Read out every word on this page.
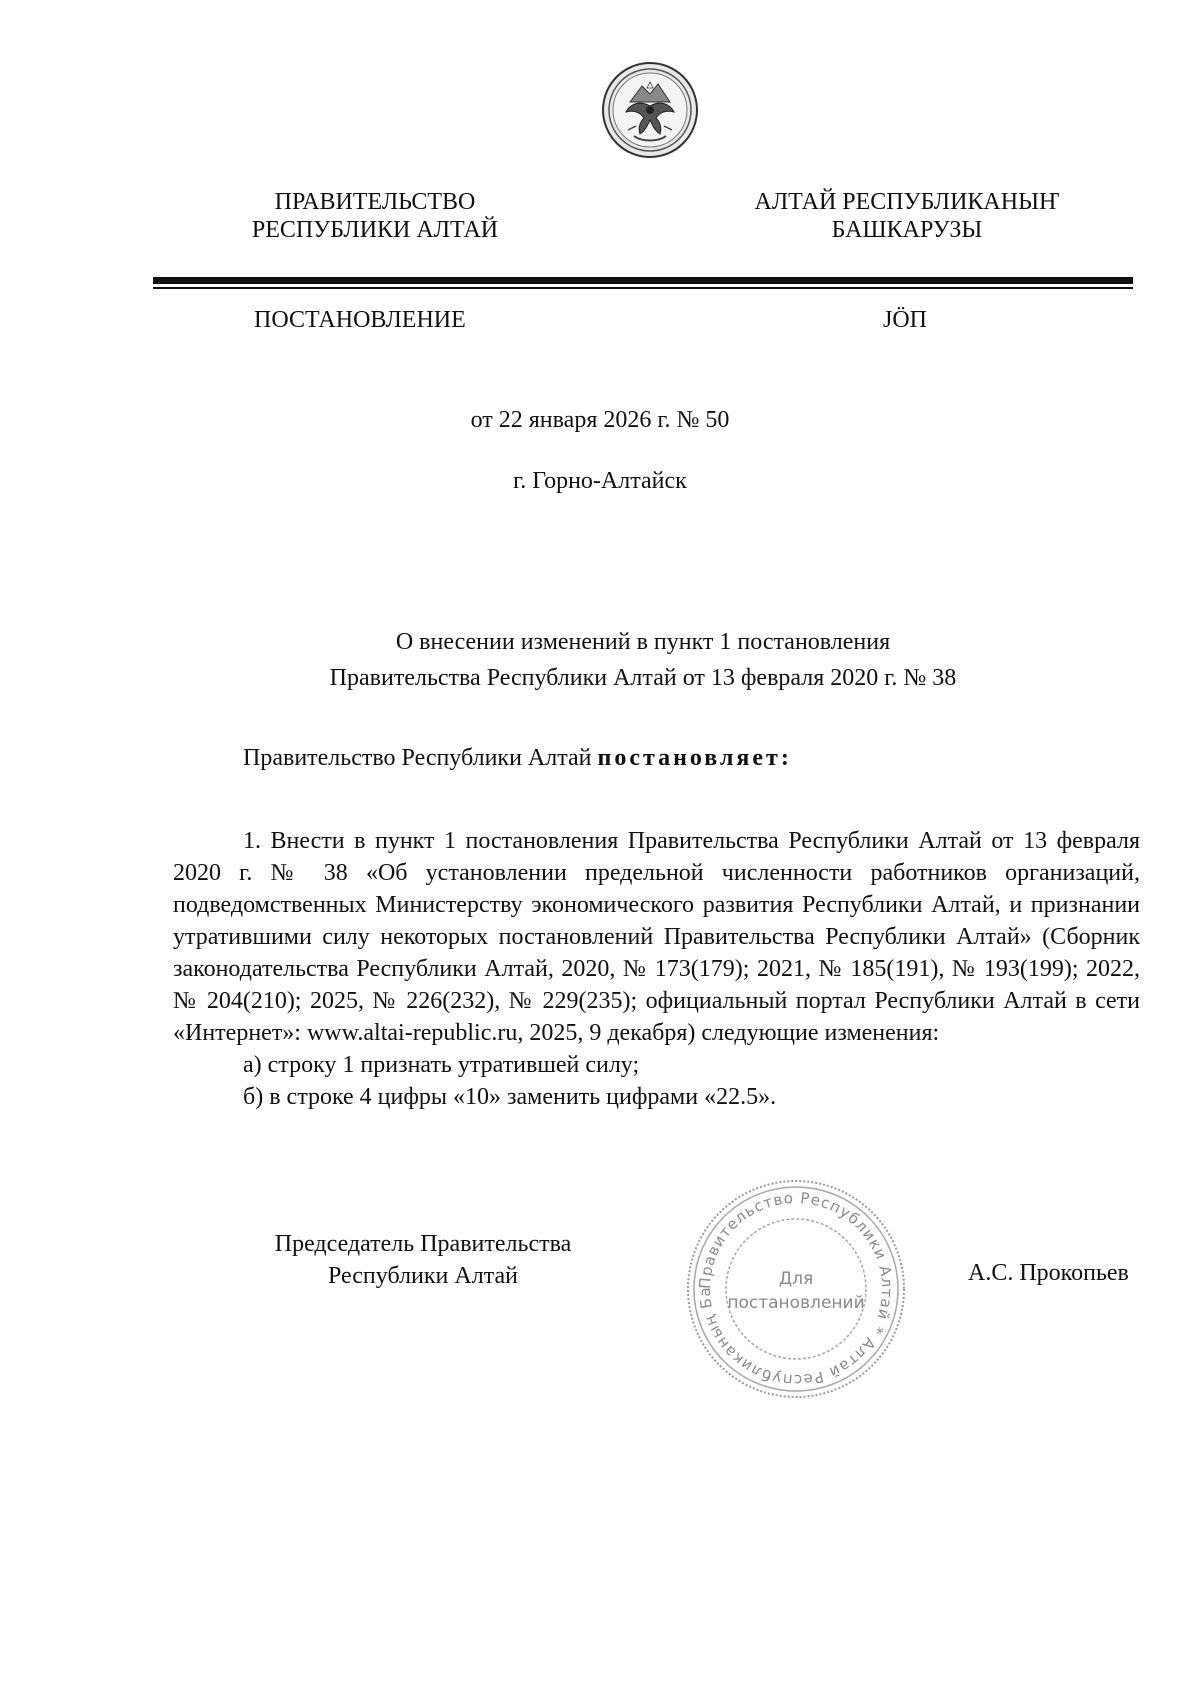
ПРАВИТЕЛЬСТВО
РЕСПУБЛИКИ АЛТАЙ
АЛТАЙ РЕСПУБЛИКАНЫҤ
БАШКАРУЗЫ
ПОСТАНОВЛЕНИЕ	ЈӦП
от 22 января 2026 г. № 50
г. Горно-Алтайск
О внесении изменений в пункт 1 постановления
Правительства Республики Алтай от 13 февраля 2020 г. № 38
Правительство Республики Алтай постановляет:

1. Внести в пункт 1 постановления Правительства Республики Алтай от 13 февраля 2020 г. № 38 «Об установлении предельной численности работников организаций, подведомственных Министерству экономического развития Республики Алтай, и признании утратившими силу некоторых постановлений Правительства Республики Алтай» (Сборник законодательства Республики Алтай, 2020, № 173(179); 2021, № 185(191), № 193(199); 2022, № 204(210); 2025, № 226(232), № 229(235); официальный портал Республики Алтай в сети «Интернет»: www.altai-republic.ru, 2025, 9 декабря) следующие изменения:

а) строку 1 признать утратившей силу;

б) в строке 4 цифры «10» заменить цифрами «22.5».

Председатель Правительства
Республики Алтай	Правительство Республики Алтай * Алтай Республиканың Ба
Для
постановлений
А.С. Прокопьев
